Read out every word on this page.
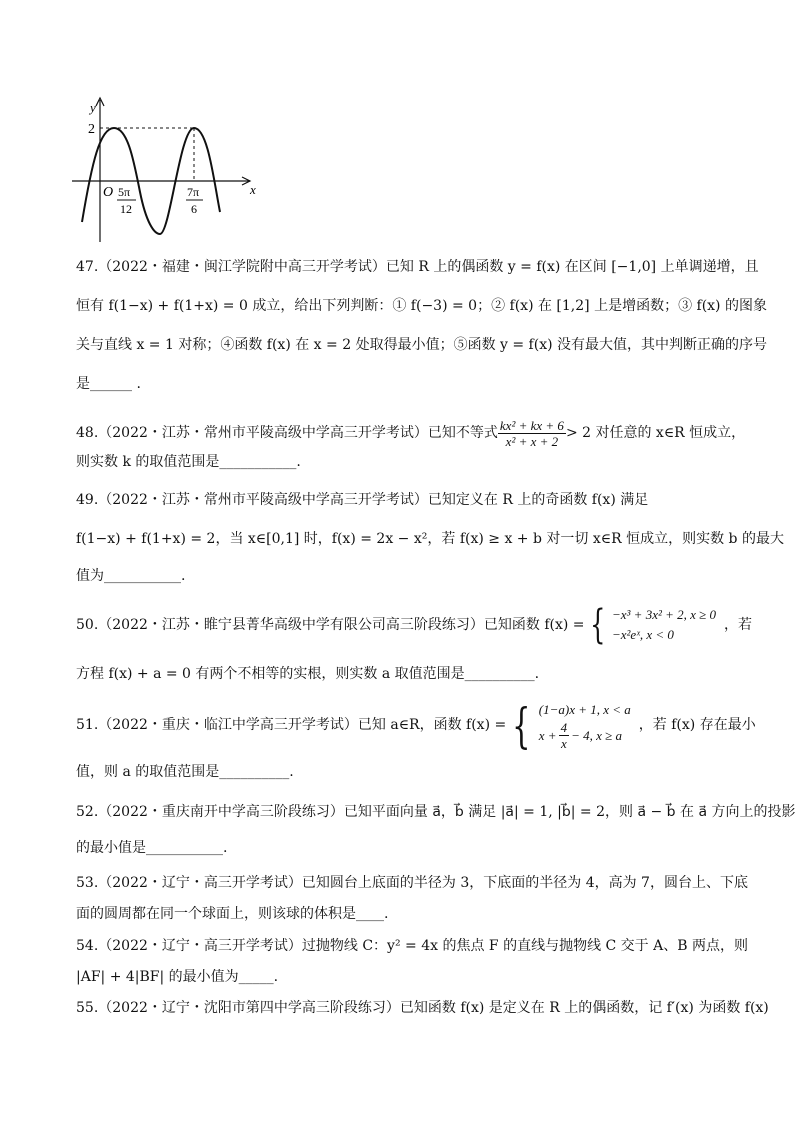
y
x
2
O 5π
12
7π
6
47.（2022・福建・闽江学院附中高三开学考试）已知 R 上的偶函数 y = f(x) 在区间 [−1,0] 上单调递增，且
恒有 f(1−x) + f(1+x) = 0 成立，给出下列判断：① f(−3) = 0；② f(x) 在 [1,2] 上是增函数；③ f(x) 的图象
关与直线 x = 1 对称；④函数 f(x) 在 x = 2 处取得最小值；⑤函数 y = f(x) 没有最大值，其中判断正确的序号
是______ .
48.（2022・江苏・常州市平陵高级中学高三开学考试）已知不等式 $\frac{\text{kx² + kx + 6}}{\text{x² + x + 2}} > 2$ 对任意的 x∈R 恒成立，
则实数 k 的取值范围是___________.
49.（2022・江苏・常州市平陵高级中学高三开学考试）已知定义在 R 上的奇函数 f(x) 满足
f(1−x) + f(1+x) = 2，当 x∈[0,1] 时，f(x) = 2x − x²，若 f(x) ≥ x + b 对一切 x∈R 恒成立，则实数 b 的最大
值为___________.
50.（2022・江苏・睢宁县菁华高级中学有限公司高三阶段练习）已知函数 f(x) = { −x³ + 3x² + 2, x ≥ 0
−x²eˣ, x < 0
，若
方程 f(x) + a = 0 有两个不相等的实根，则实数 a 取值范围是__________.
51.（2022・重庆・临江中学高三开学考试）已知 a∈R，函数 f(x) = { (1−a)x + 1, x < a
$x + \frac{4}{x} - 4$, x ≥ a
，若 f(x) 存在最小
值，则 a 的取值范围是__________.
52.（2022・重庆南开中学高三阶段练习）已知平面向量 a⃗，b⃗ 满足 |a⃗| = 1, |b⃗| = 2，则 a⃗ − b⃗ 在 a⃗ 方向上的投影
的最小值是___________.
53.（2022・辽宁・高三开学考试）已知圆台上底面的半径为 3，下底面的半径为 4，高为 7，圆台上、下底
面的圆周都在同一个球面上，则该球的体积是____.
54.（2022・辽宁・高三开学考试）过抛物线 C：y² = 4x 的焦点 F 的直线与抛物线 C 交于 A、B 两点，则
|AF| + 4|BF| 的最小值为_____.
55.（2022・辽宁・沈阳市第四中学高三阶段练习）已知函数 f(x) 是定义在 R 上的偶函数，记 f′(x) 为函数 f(x)
